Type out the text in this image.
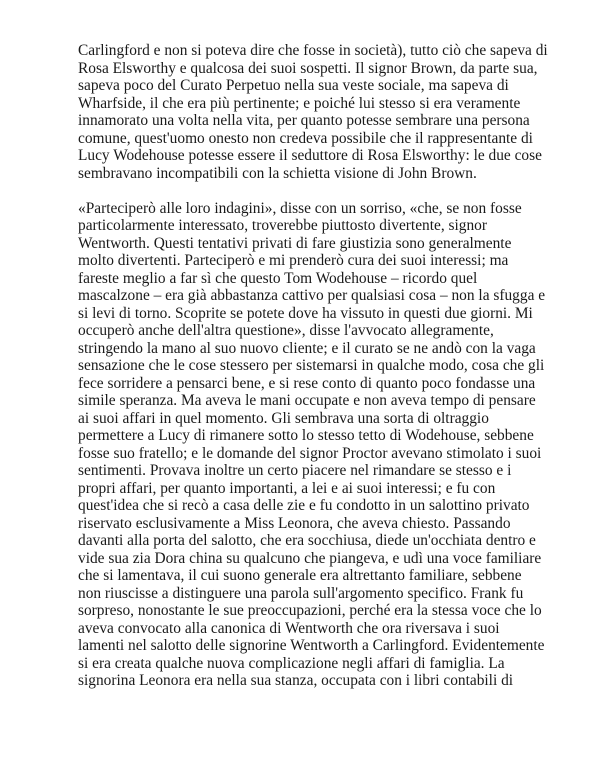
Carlingford e non si poteva dire che fosse in società), tutto ciò che sapeva di
Rosa Elsworthy e qualcosa dei suoi sospetti. Il signor Brown, da parte sua,
sapeva poco del Curato Perpetuo nella sua veste sociale, ma sapeva di
Wharfside, il che era più pertinente; e poiché lui stesso si era veramente
innamorato una volta nella vita, per quanto potesse sembrare una persona
comune, quest'uomo onesto non credeva possibile che il rappresentante di
Lucy Wodehouse potesse essere il seduttore di Rosa Elsworthy: le due cose
sembravano incompatibili con la schietta visione di John Brown.
«Parteciperò alle loro indagini», disse con un sorriso, «che, se non fosse
particolarmente interessato, troverebbe piuttosto divertente, signor
Wentworth. Questi tentativi privati di fare giustizia sono generalmente
molto divertenti. Parteciperò e mi prenderò cura dei suoi interessi; ma
fareste meglio a far sì che questo Tom Wodehouse – ricordo quel
mascalzone – era già abbastanza cattivo per qualsiasi cosa – non la sfugga e
si levi di torno. Scoprite se potete dove ha vissuto in questi due giorni. Mi
occuperò anche dell'altra questione», disse l'avvocato allegramente,
stringendo la mano al suo nuovo cliente; e il curato se ne andò con la vaga
sensazione che le cose stessero per sistemarsi in qualche modo, cosa che gli
fece sorridere a pensarci bene, e si rese conto di quanto poco fondasse una
simile speranza. Ma aveva le mani occupate e non aveva tempo di pensare
ai suoi affari in quel momento. Gli sembrava una sorta di oltraggio
permettere a Lucy di rimanere sotto lo stesso tetto di Wodehouse, sebbene
fosse suo fratello; e le domande del signor Proctor avevano stimolato i suoi
sentimenti. Provava inoltre un certo piacere nel rimandare se stesso e i
propri affari, per quanto importanti, a lei e ai suoi interessi; e fu con
quest'idea che si recò a casa delle zie e fu condotto in un salottino privato
riservato esclusivamente a Miss Leonora, che aveva chiesto. Passando
davanti alla porta del salotto, che era socchiusa, diede un'occhiata dentro e
vide sua zia Dora china su qualcuno che piangeva, e udì una voce familiare
che si lamentava, il cui suono generale era altrettanto familiare, sebbene
non riuscisse a distinguere una parola sull'argomento specifico. Frank fu
sorpreso, nonostante le sue preoccupazioni, perché era la stessa voce che lo
aveva convocato alla canonica di Wentworth che ora riversava i suoi
lamenti nel salotto delle signorine Wentworth a Carlingford. Evidentemente
si era creata qualche nuova complicazione negli affari di famiglia. La
signorina Leonora era nella sua stanza, occupata con i libri contabili di
